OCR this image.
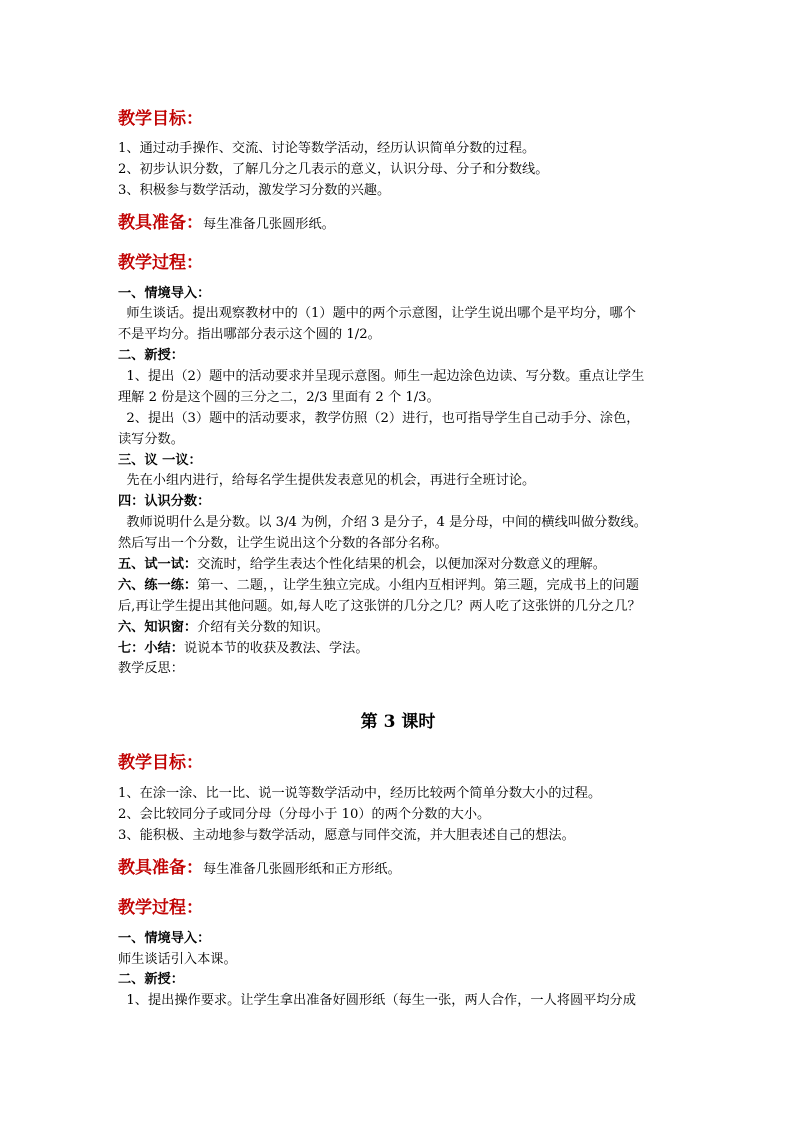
教学目标：
1、通过动手操作、交流、讨论等数学活动，经历认识简单分数的过程。
2、初步认识分数，了解几分之几表示的意义，认识分母、分子和分数线。
3、积极参与数学活动，激发学习分数的兴趣。
教具准备：每生准备几张圆形纸。
教学过程：
一、情境导入：
师生谈话。提出观察教材中的（1）题中的两个示意图，让学生说出哪个是平均分，哪个
不是平均分。指出哪部分表示这个圆的 1/2。
二、新授：
1、提出（2）题中的活动要求并呈现示意图。师生一起边涂色边读、写分数。重点让学生
理解 2 份是这个圆的三分之二，2/3 里面有 2 个 1/3。
2、提出（3）题中的活动要求，教学仿照（2）进行，也可指导学生自己动手分、涂色，
读写分数。
三、议 一议：
先在小组内进行，给每名学生提供发表意见的机会，再进行全班讨论。
四：认识分数：
教师说明什么是分数。以 3/4 为例，介绍 3 是分子，4 是分母，中间的横线叫做分数线。
然后写出一个分数，让学生说出这个分数的各部分名称。
五、试一试：交流时，给学生表达个性化结果的机会，以便加深对分数意义的理解。
六、练一练：第一、二题，，让学生独立完成。小组内互相评判。第三题，完成书上的问题
后,再让学生提出其他问题。如,每人吃了这张饼的几分之几？两人吃了这张饼的几分之几？
六、知识窗：介绍有关分数的知识。
七：小结：说说本节的收获及教法、学法。
教学反思：
第 3 课时
教学目标：
1、在涂一涂、比一比、说一说等数学活动中，经历比较两个简单分数大小的过程。
2、会比较同分子或同分母（分母小于 10）的两个分数的大小。
3、能积极、主动地参与数学活动，愿意与同伴交流，并大胆表述自己的想法。
教具准备：每生准备几张圆形纸和正方形纸。
教学过程：
一、情境导入：
师生谈话引入本课。
二、新授：
1、提出操作要求。让学生拿出准备好圆形纸（每生一张，两人合作，一人将圆平均分成
